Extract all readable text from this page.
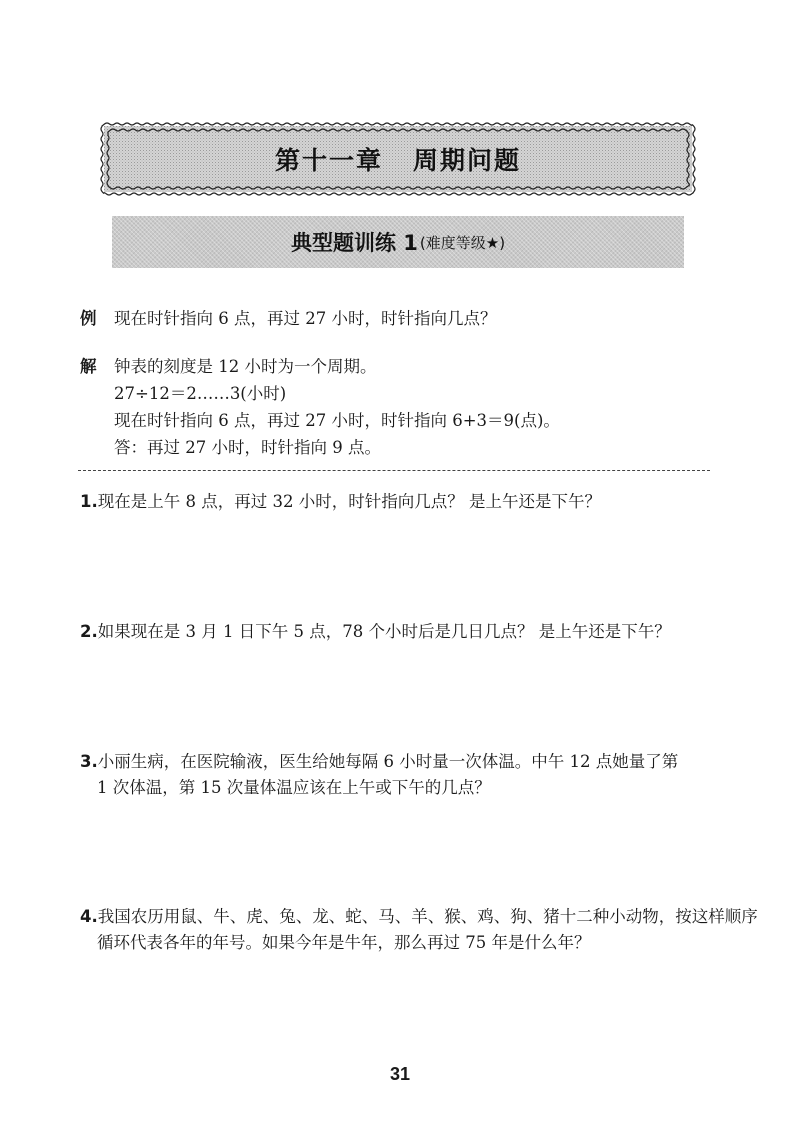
第十一章 周期问题
典型题训练 1 (难度等级★)
例 现在时针指向 6 点，再过 27 小时，时针指向几点？
解 钟表的刻度是 12 小时为一个周期。
27÷12＝2……3(小时)
现在时针指向 6 点，再过 27 小时，时针指向 6+3＝9(点)。
答：再过 27 小时，时针指向 9 点。
1.现在是上午 8 点，再过 32 小时，时针指向几点？ 是上午还是下午？
2.如果现在是 3 月 1 日下午 5 点，78 个小时后是几日几点？ 是上午还是下午？
3.小丽生病，在医院输液，医生给她每隔 6 小时量一次体温。中午 12 点她量了第
1 次体温，第 15 次量体温应该在上午或下午的几点？
4.我国农历用鼠、牛、虎、兔、龙、蛇、马、羊、猴、鸡、狗、猪十二种小动物，按这样顺序
循环代表各年的年号。如果今年是牛年，那么再过 75 年是什么年？
31
